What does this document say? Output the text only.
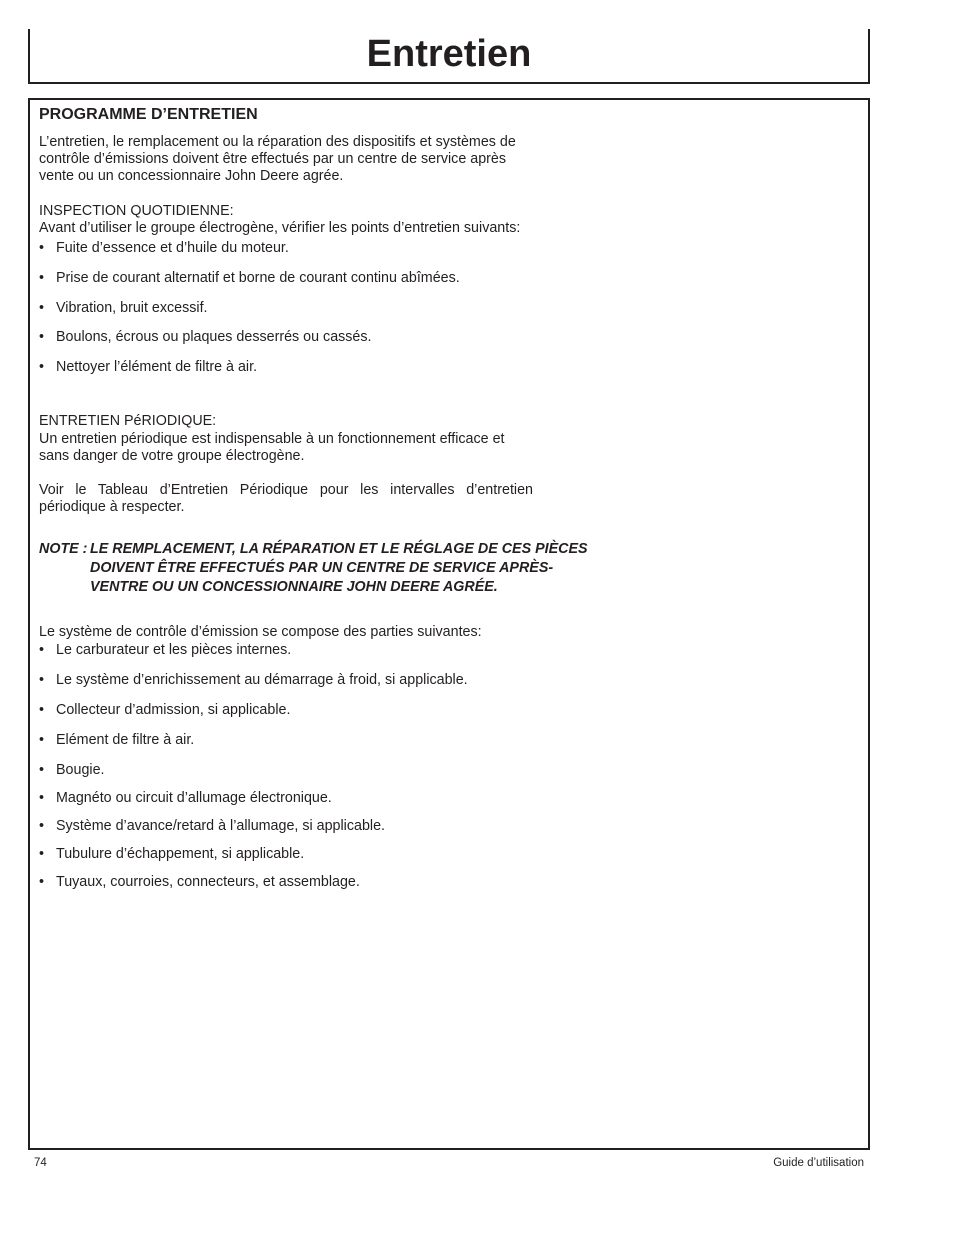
Entretien
PROGRAMME D’ENTRETIEN

L’entretien, le remplacement ou la réparation des dispositifs et systèmes de contrôle d’émissions doivent être effectués par un centre de service après vente ou un concessionnaire John Deere agrée.

INSPECTION QUOTIDIENNE:

Avant d’utiliser le groupe électrogène, vérifier les points d’entretien suivants:

• Fuite d’essence et d’huile du moteur.
• Prise de courant alternatif et borne de courant continu abîmées.
• Vibration, bruit excessif.
• Boulons, écrous ou plaques desserrés ou cassés.
• Nettoyer l’élément de filtre à air.

ENTRETIEN PéRIODIQUE:

Un entretien périodique est indispensable à un fonctionnement efficace et sans danger de votre groupe électrogène.

Voir le Tableau d’Entretien Périodique pour les intervalles d’entretien périodique à respecter.

NOTE : LE REMPLACEMENT, LA RÉPARATION ET LE RÉGLAGE DE CES PIÈCES DOIVENT ÊTRE EFFECTUÉS PAR UN CENTRE DE SERVICE APRÈS-VENTRE OU UN CONCESSIONNAIRE JOHN DEERE AGRÉE.

Le système de contrôle d’émission se compose des parties suivantes:

• Le carburateur et les pièces internes.
• Le système d’enrichissement au démarrage à froid, si applicable.
• Collecteur d’admission, si applicable.
• Elément de filtre à air.
• Bougie.
• Magnéto ou circuit d’allumage électronique.
• Système d’avance/retard à l’allumage, si applicable.
• Tubulure d’échappement, si applicable.
• Tuyaux, courroies, connecteurs, et assemblage.
74	Guide d’utilisation
